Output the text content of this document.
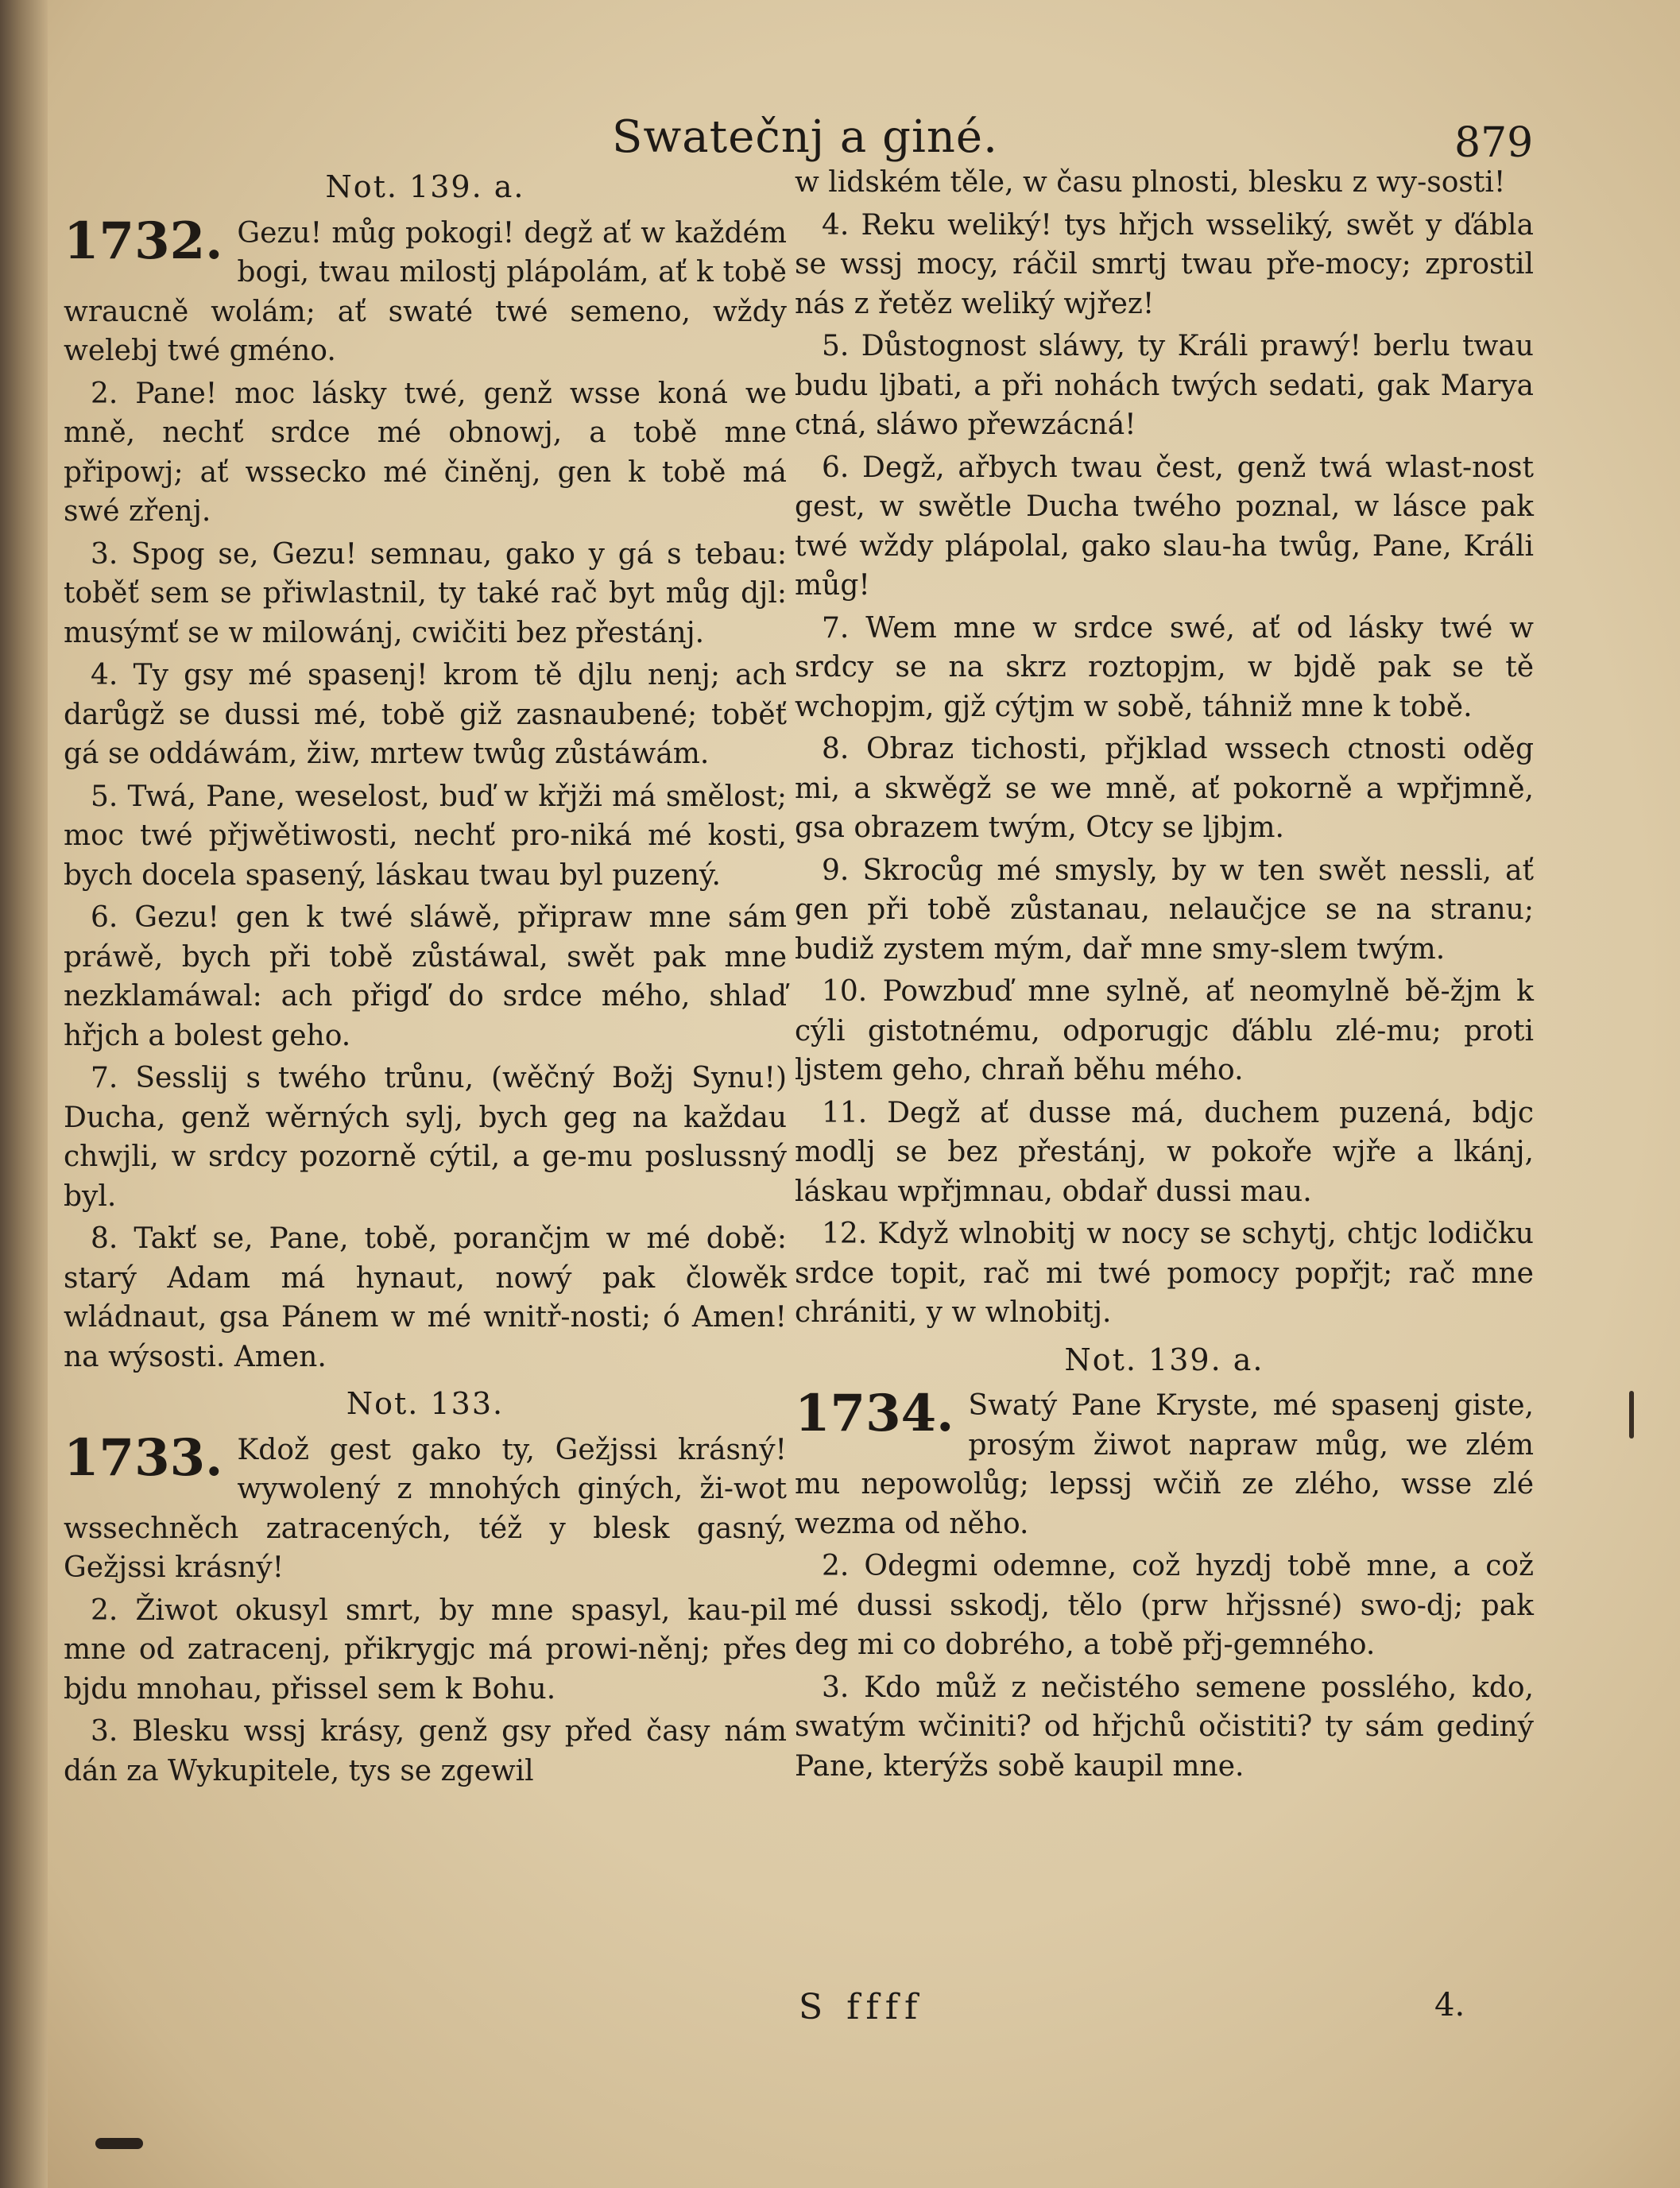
Swatečnj a giné.	879
Not. 139. a.

1732. Gezu! můg pokogi! degž ať w každém bogi, twau milostj plápolám, ať k tobě wraucně wolám; ať swaté twé semeno, wždy welebj twé gméno.

2. Pane! moc lásky twé, genž wsse koná we mně, nechť srdce mé obnowj, a tobě mne připowj; ať wssecko mé činěnj, gen k tobě má swé zřenj.

3. Spog se, Gezu! semnau, gako y gá s tebau: toběť sem se přiwlastnil, ty také rač byt můg djl: musýmť se w milowánj, cwičiti bez přestánj.

4. Ty gsy mé spasenj! krom tě djlu nenj; ach darůgž se dussi mé, tobě giž zasnaubené; toběť gá se oddáwám, žiw, mrtew twůg zůstáwám.

5. Twá, Pane, weselost, buď w křjži má smělost; moc twé přjwětiwosti, nechť pro-niká mé kosti, bych docela spasený, láskau twau byl puzený.

6. Gezu! gen k twé sláwě, připraw mne sám práwě, bych při tobě zůstáwal, swět pak mne nezklamáwal: ach přigď do srdce mého, shlaď hřjch a bolest geho.

7. Sesslij s twého trůnu, (wěčný Božj Synu!) Ducha, genž wěrných sylj, bych geg na každau chwjli, w srdcy pozorně cýtil, a ge-mu poslussný byl.

8. Takť se, Pane, tobě, porančjm w mé době: starý Adam má hynaut, nowý pak člowěk wládnaut, gsa Pánem w mé wnitř-nosti; ó Amen! na wýsosti. Amen.

Not. 133.

1733. Kdož gest gako ty, Gežjssi krásný! wywolený z mnohých giných, ži-wot wssechněch zatracených, též y blesk gasný, Gežjssi krásný!

2. Žiwot okusyl smrt, by mne spasyl, kau-pil mne od zatracenj, přikrygjc má prowi-něnj; přes bjdu mnohau, přissel sem k Bohu.

3. Blesku wssj krásy, genž gsy před časy nám dán za Wykupitele, tys se zgewil

w lidském těle, w času plnosti, blesku z wy-sosti!

4. Reku weliký! tys hřjch wsseliký, swět y ďábla se wssj mocy, ráčil smrtj twau pře-mocy; zprostil nás z řetěz weliký wjřez!

5. Důstognost sláwy, ty Králi prawý! berlu twau budu ljbati, a při nohách twých sedati, gak Marya ctná, sláwo přewzácná!

6. Degž, ařbych twau čest, genž twá wlast-nost gest, w swětle Ducha twého poznal, w lásce pak twé wždy plápolal, gako slau-ha twůg, Pane, Králi můg!

7. Wem mne w srdce swé, ať od lásky twé w srdcy se na skrz roztopjm, w bjdě pak se tě wchopjm, gjž cýtjm w sobě, táhniž mne k tobě.

8. Obraz tichosti, přjklad wssech ctnosti oděg mi, a skwěgž se we mně, ať pokorně a wpřjmně, gsa obrazem twým, Otcy se ljbjm.

9. Skrocůg mé smysly, by w ten swět nessli, ať gen při tobě zůstanau, nelaučjce se na stranu; budiž zystem mým, dař mne smy-slem twým.

10. Powzbuď mne sylně, ať neomylně bě-žjm k cýli gistotnému, odporugjc ďáblu zlé-mu; proti ljstem geho, chraň běhu mého.

11. Degž ať dusse má, duchem puzená, bdjc modlj se bez přestánj, w pokoře wjře a lkánj, láskau wpřjmnau, obdař dussi mau.

12. Když wlnobitj w nocy se schytj, chtjc lodičku srdce topit, rač mi twé pomocy popřjt; rač mne chrániti, y w wlnobitj.

Not. 139. a.

1734. Swatý Pane Kryste, mé spasenj giste, prosým žiwot napraw můg, we zlém mu nepowolůg; lepssj wčiň ze zlého, wsse zlé wezma od něho.

2. Odegmi odemne, což hyzdj tobě mne, a což mé dussi sskodj, tělo (prw hřjssné) swo-dj; pak deg mi co dobrého, a tobě přj-gemného.

3. Kdo můž z nečistého semene posslého, kdo, swatým wčiniti? od hřjchů očistiti? ty sám gediný Pane, kterýžs sobě kaupil mne.

S ffff	4.
